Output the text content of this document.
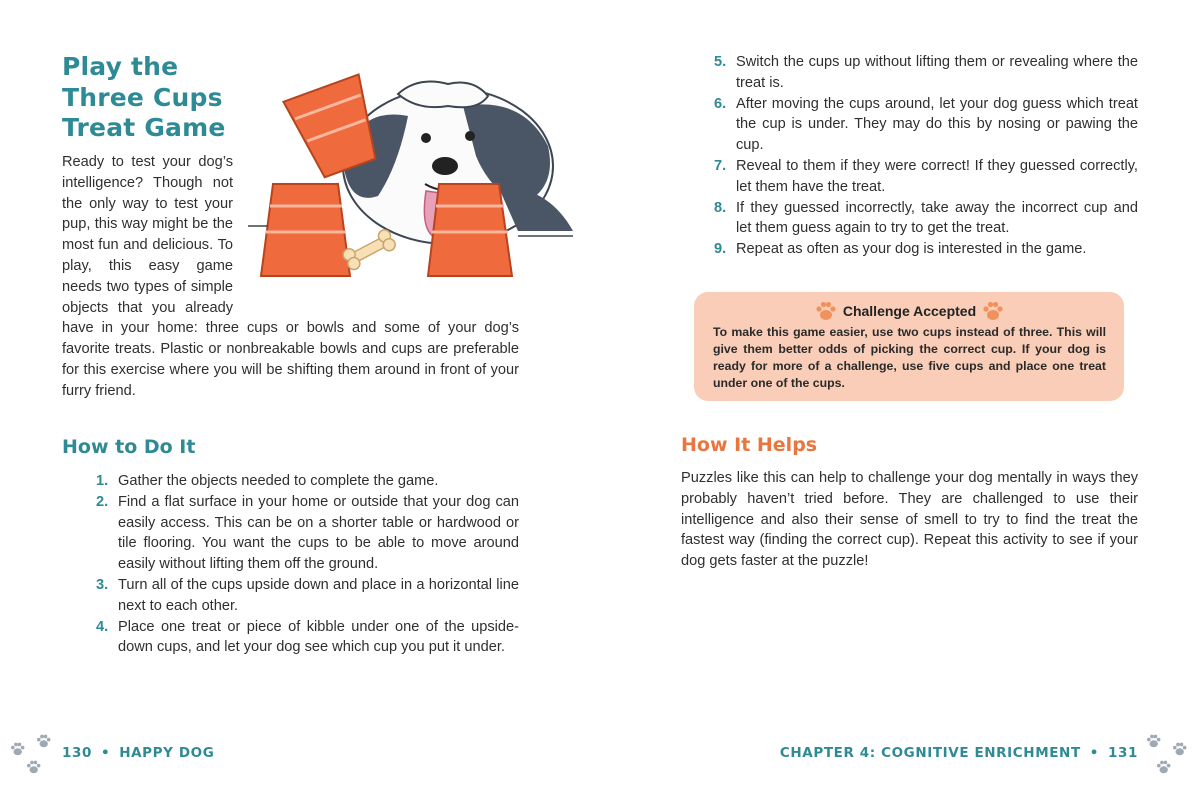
Play the
Three Cups
Treat Game

Ready to test your dog’s intelligence? Though not the only way to test your pup, this way might be the most fun and delicious. To play, this easy game needs two types of simple objects that you already have in your home: three cups or bowls and some of your dog’s favorite treats. Plastic or nonbreakable bowls and cups are preferable for this exercise where you will be shifting them around in front of your furry friend.

How to Do It
1. Gather the objects needed to complete the game.
2. Find a flat surface in your home or outside that your dog can easily access. This can be on a shorter table or hardwood or tile flooring. You want the cups to be able to move around easily without lifting them off the ground.
3. Turn all of the cups upside down and place in a horizontal line next to each other.
4. Place one treat or piece of kibble under one of the upside-down cups, and let your dog see which cup you put it under.
130 • HAPPY DOG
5. Switch the cups up without lifting them or revealing where the treat is.
6. After moving the cups around, let your dog guess which treat the cup is under. They may do this by nosing or pawing the cup.
7. Reveal to them if they were correct! If they guessed correctly, let them have the treat.
8. If they guessed incorrectly, take away the incorrect cup and let them guess again to try to get the treat.
9. Repeat as often as your dog is interested in the game.
Challenge Accepted
To make this game easier, use two cups instead of three. This will give them better odds of picking the correct cup. If your dog is ready for more of a challenge, use five cups and place one treat under one of the cups.
How It Helps

Puzzles like this can help to challenge your dog mentally in ways they probably haven’t tried before. They are challenged to use their intelligence and also their sense of smell to try to find the treat the fastest way (finding the correct cup). Repeat this activity to see if your dog gets faster at the puzzle!

CHAPTER 4: COGNITIVE ENRICHMENT • 131
